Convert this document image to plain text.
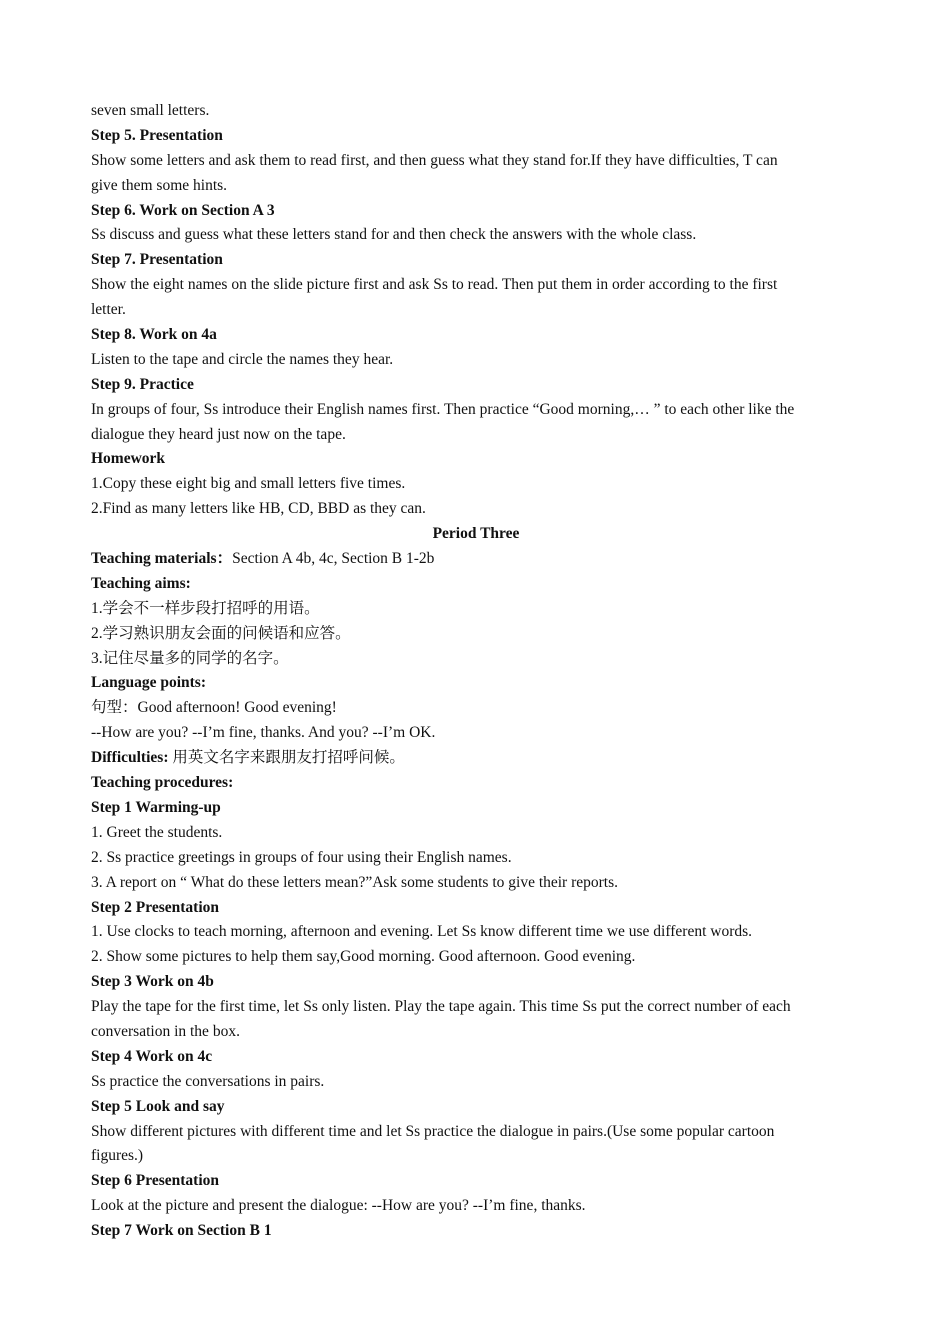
seven small letters.
Step 5. Presentation
Show some letters and ask them to read first, and then guess what they stand for.If they have difficulties, T can
give them some hints.
Step 6. Work on Section A 3
Ss discuss and guess what these letters stand for and then check the answers with the whole class.
Step 7. Presentation
Show the eight names on the slide picture first and ask Ss to read. Then put them in order according to the first
letter.
Step 8. Work on 4a
Listen to the tape and circle the names they hear.
Step 9. Practice
In groups of four, Ss introduce their English names first. Then practice “Good morning,… ” to each other like the
dialogue they heard just now on the tape.
Homework
1.Copy these eight big and small letters five times.
2.Find as many letters like HB, CD, BBD as they can.
Period Three
Teaching materials：Section A 4b, 4c, Section B 1-2b
Teaching aims:
1.学会不一样步段打招呼的用语。
2.学习熟识朋友会面的问候语和应答。
3.记住尽量多的同学的名字。
Language points:
句型：Good afternoon! Good evening!
--How are you? --I’m fine, thanks. And you? --I’m OK.
Difficulties: 用英文名字来跟朋友打招呼问候。
Teaching procedures:
Step 1 Warming-up
1. Greet the students.
2. Ss practice greetings in groups of four using their English names.
3. A report on “ What do these letters mean?”Ask some students to give their reports.
Step 2 Presentation
1. Use clocks to teach morning, afternoon and evening. Let Ss know different time we use different words.
2. Show some pictures to help them say,Good morning. Good afternoon. Good evening.
Step 3 Work on 4b
Play the tape for the first time, let Ss only listen. Play the tape again. This time Ss put the correct number of each
conversation in the box.
Step 4 Work on 4c
Ss practice the conversations in pairs.
Step 5 Look and say
Show different pictures with different time and let Ss practice the dialogue in pairs.(Use some popular cartoon
figures.)
Step 6 Presentation
Look at the picture and present the dialogue: --How are you? --I’m fine, thanks.
Step 7 Work on Section B 1
